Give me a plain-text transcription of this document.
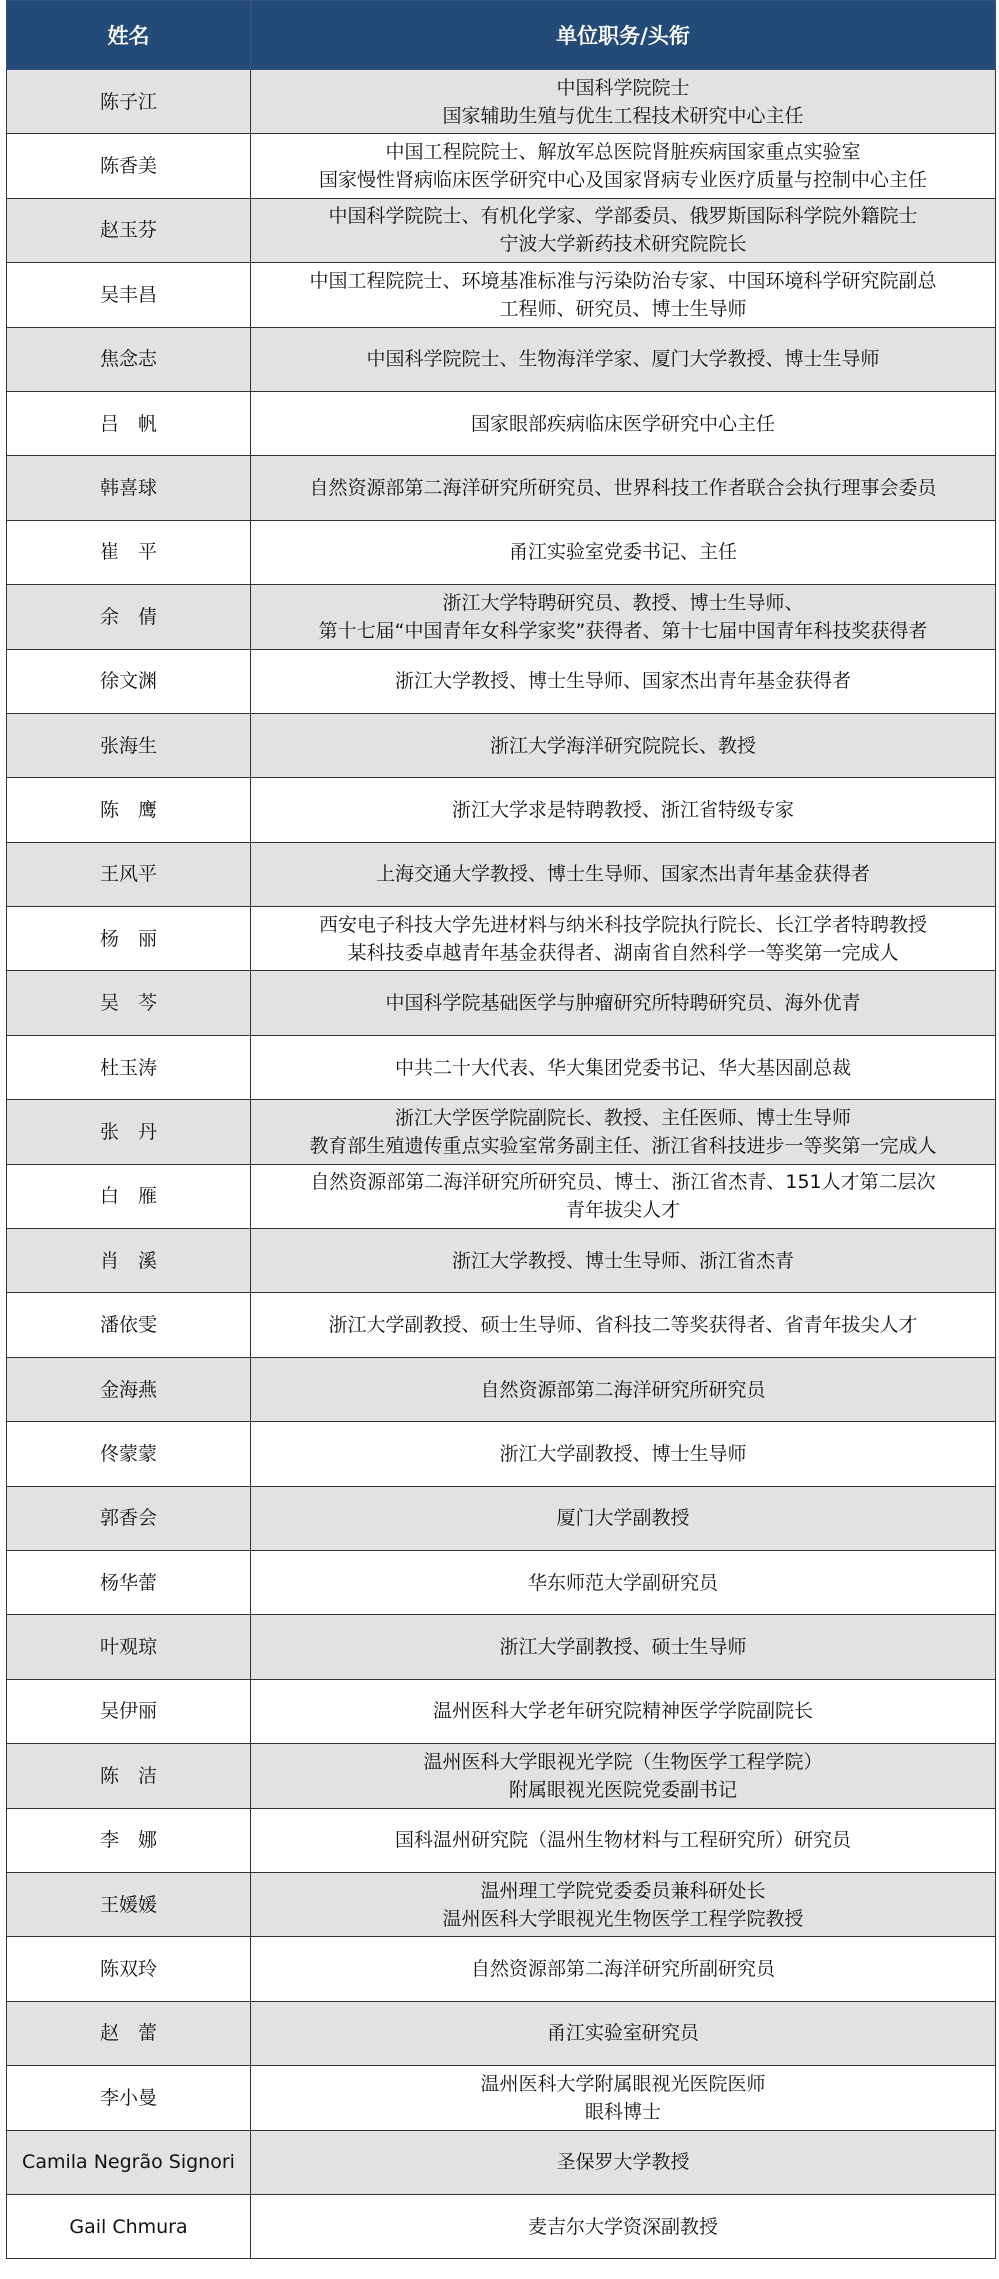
姓名	单位职务/头衔
陈子江	中国科学院院士
国家辅助生殖与优生工程技术研究中心主任

陈香美	中国工程院院士、解放军总医院肾脏疾病国家重点实验室
国家慢性肾病临床医学研究中心及国家肾病专业医疗质量与控制中心主任

赵玉芬	中国科学院院士、有机化学家、学部委员、俄罗斯国际科学院外籍院士
宁波大学新药技术研究院院长

吴丰昌	中国工程院院士、环境基准标准与污染防治专家、中国环境科学研究院副总
工程师、研究员、博士生导师

焦念志	中国科学院院士、生物海洋学家、厦门大学教授、博士生导师

吕　帆	国家眼部疾病临床医学研究中心主任

韩喜球	自然资源部第二海洋研究所研究员、世界科技工作者联合会执行理事会委员

崔　平	甬江实验室党委书记、主任

余　倩	浙江大学特聘研究员、教授、博士生导师、
第十七届“中国青年女科学家奖”获得者、第十七届中国青年科技奖获得者

徐文渊	浙江大学教授、博士生导师、国家杰出青年基金获得者

张海生	浙江大学海洋研究院院长、教授

陈　鹰	浙江大学求是特聘教授、浙江省特级专家

王风平	上海交通大学教授、博士生导师、国家杰出青年基金获得者

杨　丽	西安电子科技大学先进材料与纳米科技学院执行院长、长江学者特聘教授
某科技委卓越青年基金获得者、湖南省自然科学一等奖第一完成人

吴　芩	中国科学院基础医学与肿瘤研究所特聘研究员、海外优青

杜玉涛	中共二十大代表、华大集团党委书记、华大基因副总裁

张　丹	浙江大学医学院副院长、教授、主任医师、博士生导师
教育部生殖遗传重点实验室常务副主任、浙江省科技进步一等奖第一完成人

白　雁	自然资源部第二海洋研究所研究员、博士、浙江省杰青、151人才第二层次
青年拔尖人才

肖　溪	浙江大学教授、博士生导师、浙江省杰青

潘依雯	浙江大学副教授、硕士生导师、省科技二等奖获得者、省青年拔尖人才

金海燕	自然资源部第二海洋研究所研究员

佟蒙蒙	浙江大学副教授、博士生导师

郭香会	厦门大学副教授

杨华蕾	华东师范大学副研究员

叶观琼	浙江大学副教授、硕士生导师

吴伊丽	温州医科大学老年研究院精神医学学院副院长

陈　洁	温州医科大学眼视光学院（生物医学工程学院）
附属眼视光医院党委副书记

李　娜	国科温州研究院（温州生物材料与工程研究所）研究员

王媛媛	温州理工学院党委委员兼科研处长
温州医科大学眼视光生物医学工程学院教授

陈双玲	自然资源部第二海洋研究所副研究员

赵　蕾	甬江实验室研究员

李小曼	温州医科大学附属眼视光医院医师
眼科博士

Camila Negrão Signori	圣保罗大学教授

Gail Chmura	麦吉尔大学资深副教授
